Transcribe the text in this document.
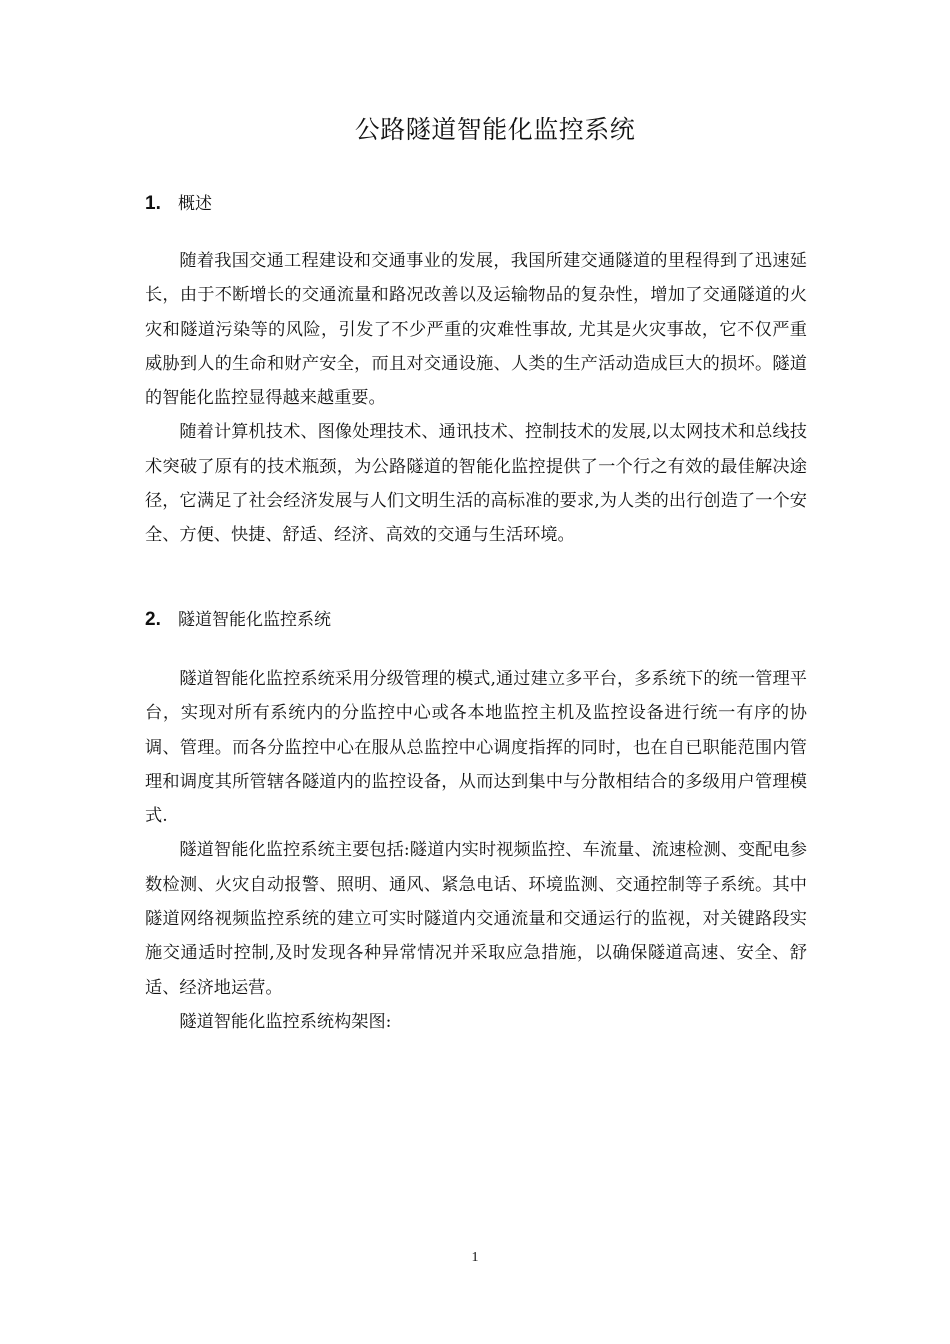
公路隧道智能化监控系统
1. 概述

随着我国交通工程建设和交通事业的发展，我国所建交通隧道的里程得到了迅速延长，由于不断增长的交通流量和路况改善以及运输物品的复杂性，增加了交通隧道的火灾和隧道污染等的风险，引发了不少严重的灾难性事故, 尤其是火灾事故，它不仅严重威胁到人的生命和财产安全，而且对交通设施、人类的生产活动造成巨大的损坏。隧道的智能化监控显得越来越重要。

随着计算机技术、图像处理技术、通讯技术、控制技术的发展,以太网技术和总线技术突破了原有的技术瓶颈，为公路隧道的智能化监控提供了一个行之有效的最佳解决途径，它满足了社会经济发展与人们文明生活的高标准的要求,为人类的出行创造了一个安全、方便、快捷、舒适、经济、高效的交通与生活环境。

2. 隧道智能化监控系统

隧道智能化监控系统采用分级管理的模式,通过建立多平台，多系统下的统一管理平台，实现对所有系统内的分监控中心或各本地监控主机及监控设备进行统一有序的协调、管理。而各分监控中心在服从总监控中心调度指挥的同时，也在自已职能范围内管理和调度其所管辖各隧道内的监控设备，从而达到集中与分散相结合的多级用户管理模式.

隧道智能化监控系统主要包括:隧道内实时视频监控、车流量、流速检测、变配电参数检测、火灾自动报警、照明、通风、紧急电话、环境监测、交通控制等子系统。其中隧道网络视频监控系统的建立可实时隧道内交通流量和交通运行的监视，对关键路段实施交通适时控制,及时发现各种异常情况并采取应急措施，以确保隧道高速、安全、舒适、经济地运营。

隧道智能化监控系统构架图:

1
